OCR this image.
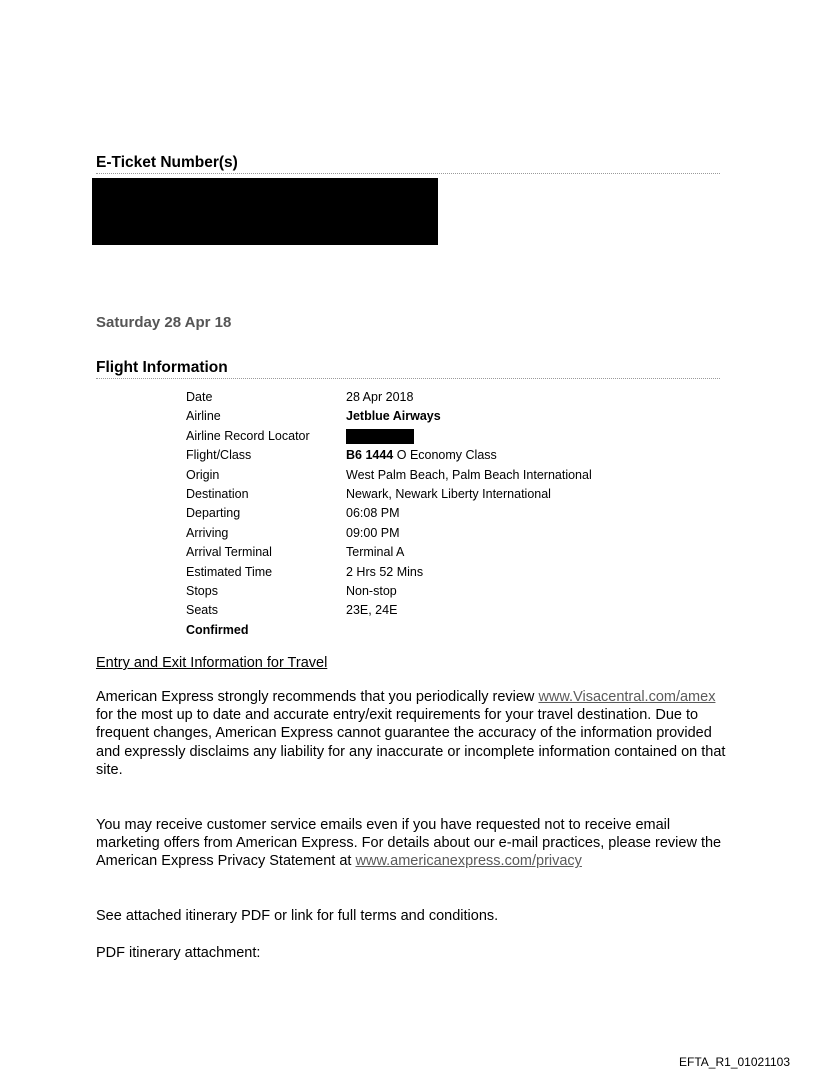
E-Ticket Number(s)
Saturday 28 Apr 18
Flight Information
Date	28 Apr 2018
Airline	Jetblue Airways
Airline Record Locator
Flight/Class	B6 1444 O Economy Class
Origin	West Palm Beach, Palm Beach International
Destination	Newark, Newark Liberty International
Departing	06:08 PM
Arriving	09:00 PM
Arrival Terminal	Terminal A
Estimated Time	2 Hrs 52 Mins
Stops	Non-stop
Seats	23E, 24E
Confirmed
Entry and Exit Information for Travel
American Express strongly recommends that you periodically review www.Visacentral.com/amex for the most up to date and accurate entry/exit requirements for your travel destination. Due to frequent changes, American Express cannot guarantee the accuracy of the information provided and expressly disclaims any liability for any inaccurate or incomplete information contained on that site.
You may receive customer service emails even if you have requested not to receive email marketing offers from American Express. For details about our e-mail practices, please review the American Express Privacy Statement at www.americanexpress.com/privacy
See attached itinerary PDF or link for full terms and conditions.
PDF itinerary attachment:
EFTA_R1_01021103
